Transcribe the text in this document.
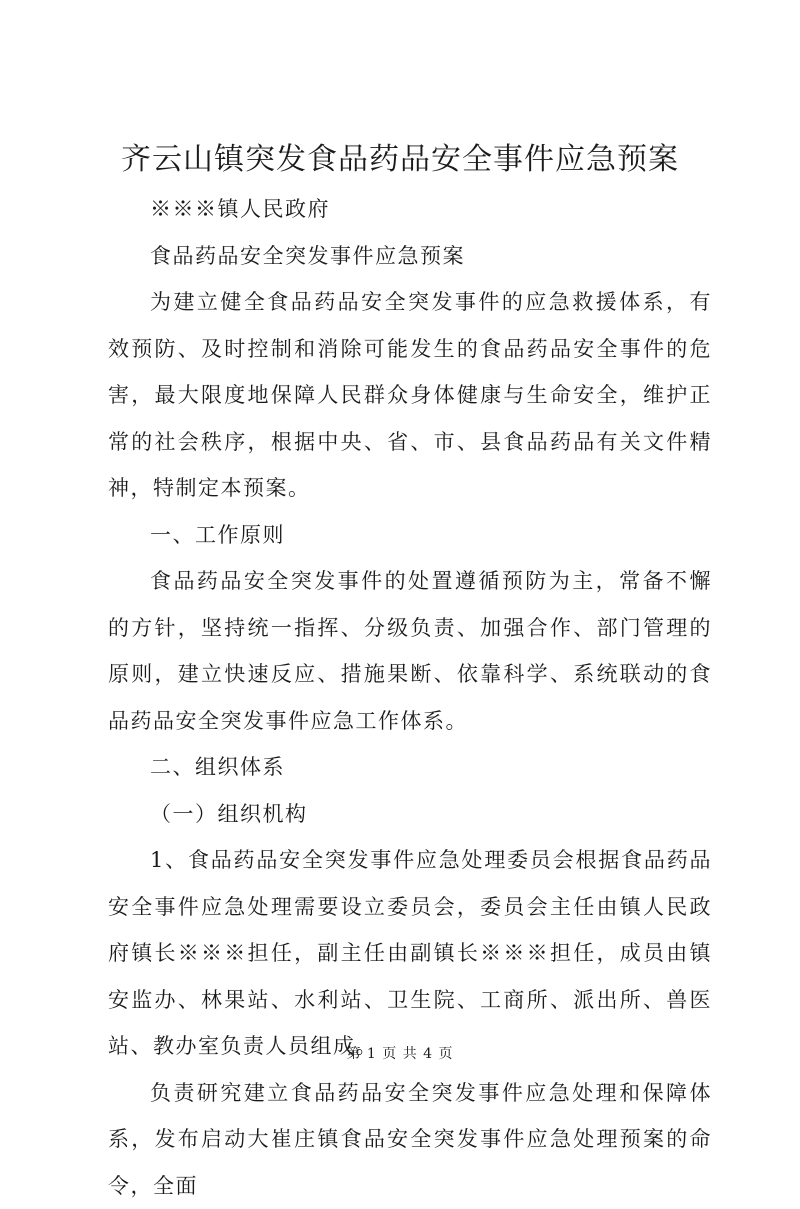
齐云山镇突发食品药品安全事件应急预案

※※※镇人民政府

食品药品安全突发事件应急预案

为建立健全食品药品安全突发事件的应急救援体系，有效预防、及时控制和消除可能发生的食品药品安全事件的危害，最大限度地保障人民群众身体健康与生命安全，维护正常的社会秩序，根据中央、省、市、县食品药品有关文件精神，特制定本预案。

一、工作原则

食品药品安全突发事件的处置遵循预防为主，常备不懈的方针，坚持统一指挥、分级负责、加强合作、部门管理的原则，建立快速反应、措施果断、依靠科学、系统联动的食品药品安全突发事件应急工作体系。

二、组织体系

（一）组织机构

1、食品药品安全突发事件应急处理委员会根据食品药品安全事件应急处理需要设立委员会，委员会主任由镇人民政府镇长※※※担任，副主任由副镇长※※※担任，成员由镇安监办、林果站、水利站、卫生院、工商所、派出所、兽医站、教办室负责人员组成。

负责研究建立食品药品安全突发事件应急处理和保障体系，发布启动大崔庄镇食品安全突发事件应急处理预案的命令，全面

第 1 页 共 4 页
